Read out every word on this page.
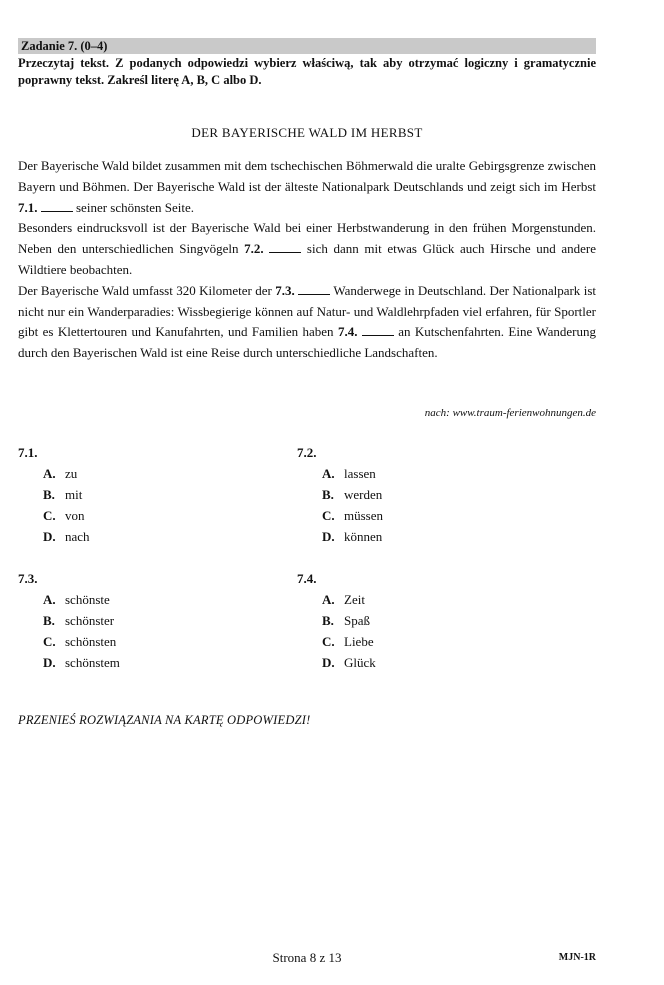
Zadanie 7. (0–4)
Przeczytaj tekst. Z podanych odpowiedzi wybierz właściwą, tak aby otrzymać logiczny i gramatycznie poprawny tekst. Zakreśl literę A, B, C albo D.
DER BAYERISCHE WALD IM HERBST

Der Bayerische Wald bildet zusammen mit dem tschechischen Böhmerwald die uralte Gebirgsgrenze zwischen Bayern und Böhmen. Der Bayerische Wald ist der älteste Nationalpark Deutschlands und zeigt sich im Herbst 7.1.	seiner schönsten Seite.

Besonders eindrucksvoll ist der Bayerische Wald bei einer Herbstwanderung in den frühen Morgenstunden. Neben den unterschiedlichen Singvögeln 7.2.	sich dann mit etwas Glück auch Hirsche und andere Wildtiere beobachten.

Der Bayerische Wald umfasst 320 Kilometer der 7.3.	Wanderwege in Deutschland. Der Nationalpark ist nicht nur ein Wanderparadies: Wissbegierige können auf Natur- und Waldlehrpfaden viel erfahren, für Sportler gibt es Klettertouren und Kanufahrten, und Familien haben 7.4.	an Kutschenfahrten. Eine Wanderung durch den Bayerischen Wald ist eine Reise durch unterschiedliche Landschaften.

nach: www.traum-ferienwohnungen.de
7.1.
A. zu
B. mit
C. von
D. nach
7.2.
A. lassen
B. werden
C. müssen
D. können
7.3.
A. schönste
B. schönster
C. schönsten
D. schönstem
7.4.
A. Zeit
B. Spaß
C. Liebe
D. Glück
PRZENIEŚ ROZWIĄZANIA NA KARTĘ ODPOWIEDZI!
Strona 8 z 13	MJN-1R
